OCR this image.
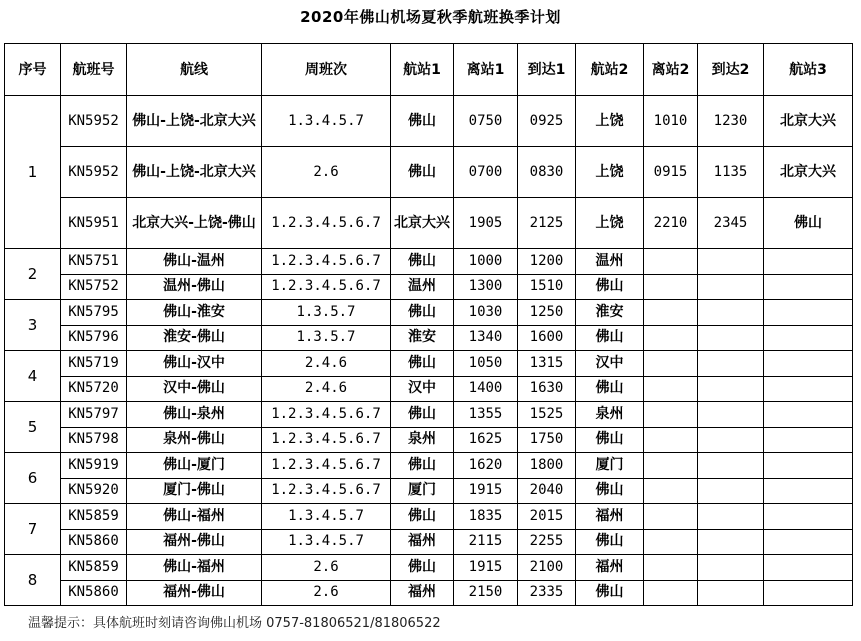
2020年佛山机场夏秋季航班换季计划
序号	航班号	航线	周班次	航站1	离站1	到达1	航站2	离站2	到达2	航站3
1	KN5952	佛山-上饶-北京大兴	1.3.4.5.7	佛山	0750	0925	上饶	1010	1230	北京大兴
	KN5952	佛山-上饶-北京大兴	2.6	佛山	0700	0830	上饶	0915	1135	北京大兴
	KN5951	北京大兴-上饶-佛山	1.2.3.4.5.6.7	北京大兴	1905	2125	上饶	2210	2345	佛山
2	KN5751	佛山-温州	1.2.3.4.5.6.7	佛山	1000	1200	温州			
	KN5752	温州-佛山	1.2.3.4.5.6.7	温州	1300	1510	佛山			
3	KN5795	佛山-淮安	1.3.5.7	佛山	1030	1250	淮安			
	KN5796	淮安-佛山	1.3.5.7	淮安	1340	1600	佛山			
4	KN5719	佛山-汉中	2.4.6	佛山	1050	1315	汉中			
	KN5720	汉中-佛山	2.4.6	汉中	1400	1630	佛山			
5	KN5797	佛山-泉州	1.2.3.4.5.6.7	佛山	1355	1525	泉州			
	KN5798	泉州-佛山	1.2.3.4.5.6.7	泉州	1625	1750	佛山			
6	KN5919	佛山-厦门	1.2.3.4.5.6.7	佛山	1620	1800	厦门			
	KN5920	厦门-佛山	1.2.3.4.5.6.7	厦门	1915	2040	佛山			
7	KN5859	佛山-福州	1.3.4.5.7	佛山	1835	2015	福州			
	KN5860	福州-佛山	1.3.4.5.7	福州	2115	2255	佛山			
8	KN5859	佛山-福州	2.6	佛山	1915	2100	福州			
	KN5860	福州-佛山	2.6	福州	2150	2335	佛山			
温馨提示：具体航班时刻请咨询佛山机场 0757-81806521/81806522
